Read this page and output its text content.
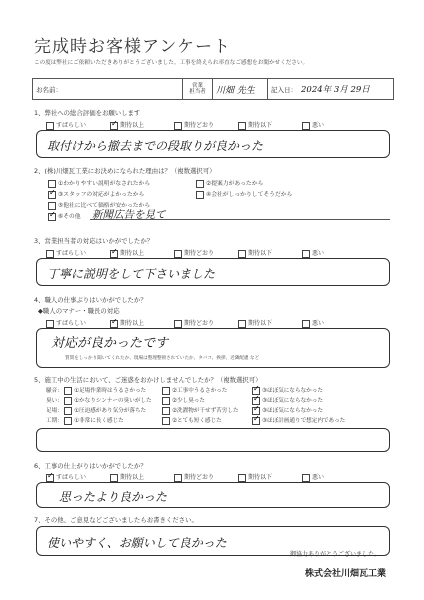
完成時お客様アンケート
この度は弊社にご依頼いただきありがとうございました。工事を終えられ率直なご感想をお聞かせください。
お名前：	営業
担当者 川畑 先生 記入日： 2024年 3月 29日
1、弊社への総合評価をお願いします
すばらしい ✓	期待以上	期待どおり	期待以下	悪い
取付けから撤去までの段取りが良かった
2、(株)川畑瓦工業にお決めになられた理由は？（複数選択可）
①わかりやすい説明がなされたから	②提案力があったから
✓③スタッフの対応がよかったから	④会社がしっかりしてそうだから
⑤他社に比べて価格が安かったから
✓⑥その他 新聞広告を見て
3、営業担当者の対応はいかがでしたか？
すばらしい ✓	期待以上	期待どおり	期待以下	悪い
丁寧に説明をして下さいました
4、職人の仕事ぶりはいかがでしたか？
◆職人のマナー・職長の対応
すばらしい ✓	期待以上	期待どおり	期待以下	悪い
対応が良かったです
質問をしっかり聞いてくれたか、現場は整理整頓されていたか、タバコ、挨拶、近隣配慮 など
5、施工中の生活において、ご迷惑をおかけしませんでしたか？（複数選択可）
騒音：	①足場作業時はうるさかった	②工事中うるさかった ✓	③ほぼ気にならなかった
臭い：	①かなりシンナーの臭いがした	②少し臭った ✓	③ほぼ気にならなかった
足場：	①圧迫感があり気分が落ちた	②洗濯物が干せず苦労した ✓	③ほぼ気にならなかった
工期：	①非常に長く感じた	②とても短く感じた ✓	③ほぼ計画通りで想定内であった
6、工事の仕上がりはいかがでしたか？
✓すばらしい	期待以上	期待どおり	期待以下	悪い
思ったより良かった
7、その他、ご意見などございましたらお書きください。
使いやすく、お願いして良かった
御協力ありがとうございました。
株式会社川畑瓦工業
